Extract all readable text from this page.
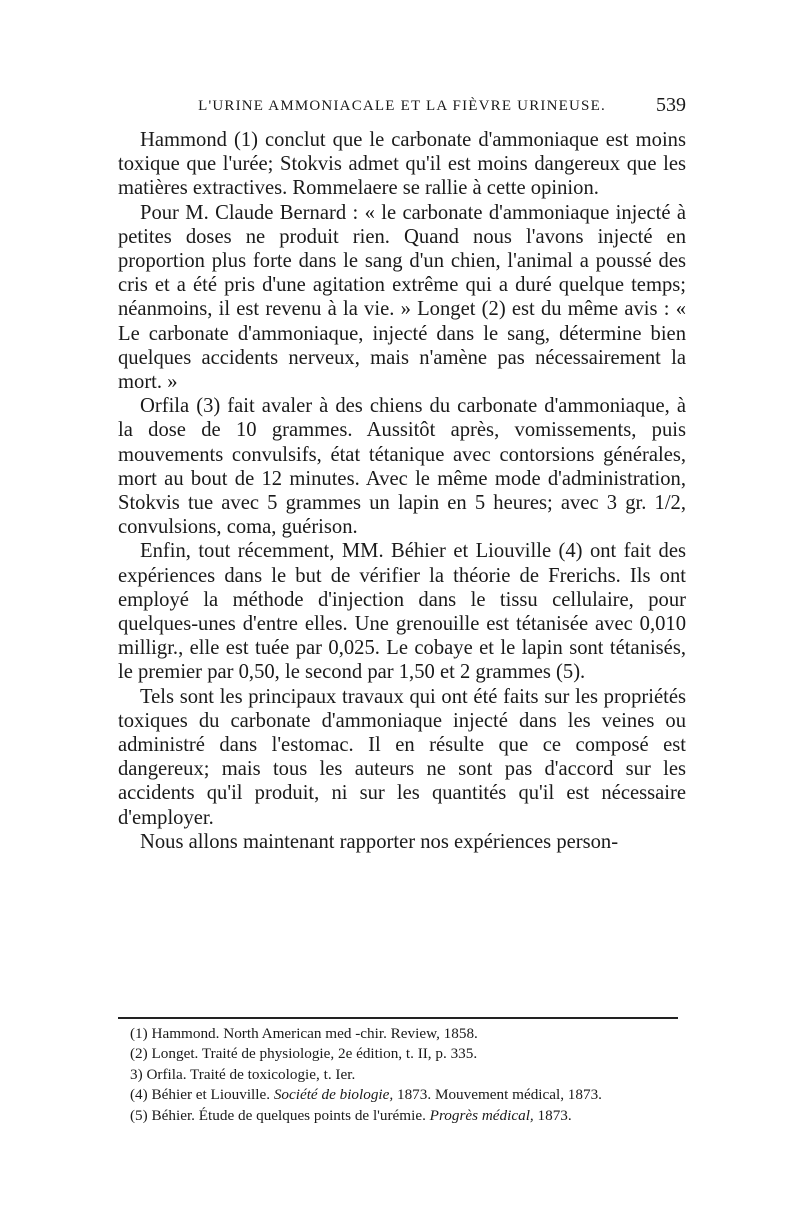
L'URINE AMMONIACALE ET LA FIÈVRE URINEUSE.	539

Hammond (1) conclut que le carbonate d'ammoniaque est moins toxique que l'urée; Stokvis admet qu'il est moins dangereux que les matières extractives. Rommelaere se rallie à cette opinion.

Pour M. Claude Bernard : « le carbonate d'ammoniaque injecté à petites doses ne produit rien. Quand nous l'avons injecté en proportion plus forte dans le sang d'un chien, l'animal a poussé des cris et a été pris d'une agitation extrême qui a duré quelque temps; néanmoins, il est revenu à la vie. » Longet (2) est du même avis : « Le carbonate d'ammoniaque, injecté dans le sang, détermine bien quelques accidents nerveux, mais n'amène pas nécessairement la mort. »

Orfila (3) fait avaler à des chiens du carbonate d'ammoniaque, à la dose de 10 grammes. Aussitôt après, vomissements, puis mouvements convulsifs, état tétanique avec contorsions générales, mort au bout de 12 minutes. Avec le même mode d'administration, Stokvis tue avec 5 grammes un lapin en 5 heures; avec 3 gr. 1/2, convulsions, coma, guérison.

Enfin, tout récemment, MM. Béhier et Liouville (4) ont fait des expériences dans le but de vérifier la théorie de Frerichs. Ils ont employé la méthode d'injection dans le tissu cellulaire, pour quelques-unes d'entre elles. Une grenouille est tétanisée avec 0,010 milligr., elle est tuée par 0,025. Le cobaye et le lapin sont tétanisés, le premier par 0,50, le second par 1,50 et 2 grammes (5).

Tels sont les principaux travaux qui ont été faits sur les propriétés toxiques du carbonate d'ammoniaque injecté dans les veines ou administré dans l'estomac. Il en résulte que ce composé est dangereux; mais tous les auteurs ne sont pas d'accord sur les accidents qu'il produit, ni sur les quantités qu'il est nécessaire d'employer.

Nous allons maintenant rapporter nos expériences person-

(1) Hammond. North American med -chir. Review, 1858.
(2) Longet. Traité de physiologie, 2e édition, t. II, p. 335.
3) Orfila. Traité de toxicologie, t. Ier.
(4) Béhier et Liouville. Société de biologie, 1873. Mouvement médical, 1873.
(5) Béhier. Étude de quelques points de l'urémie. Progrès médical, 1873.
